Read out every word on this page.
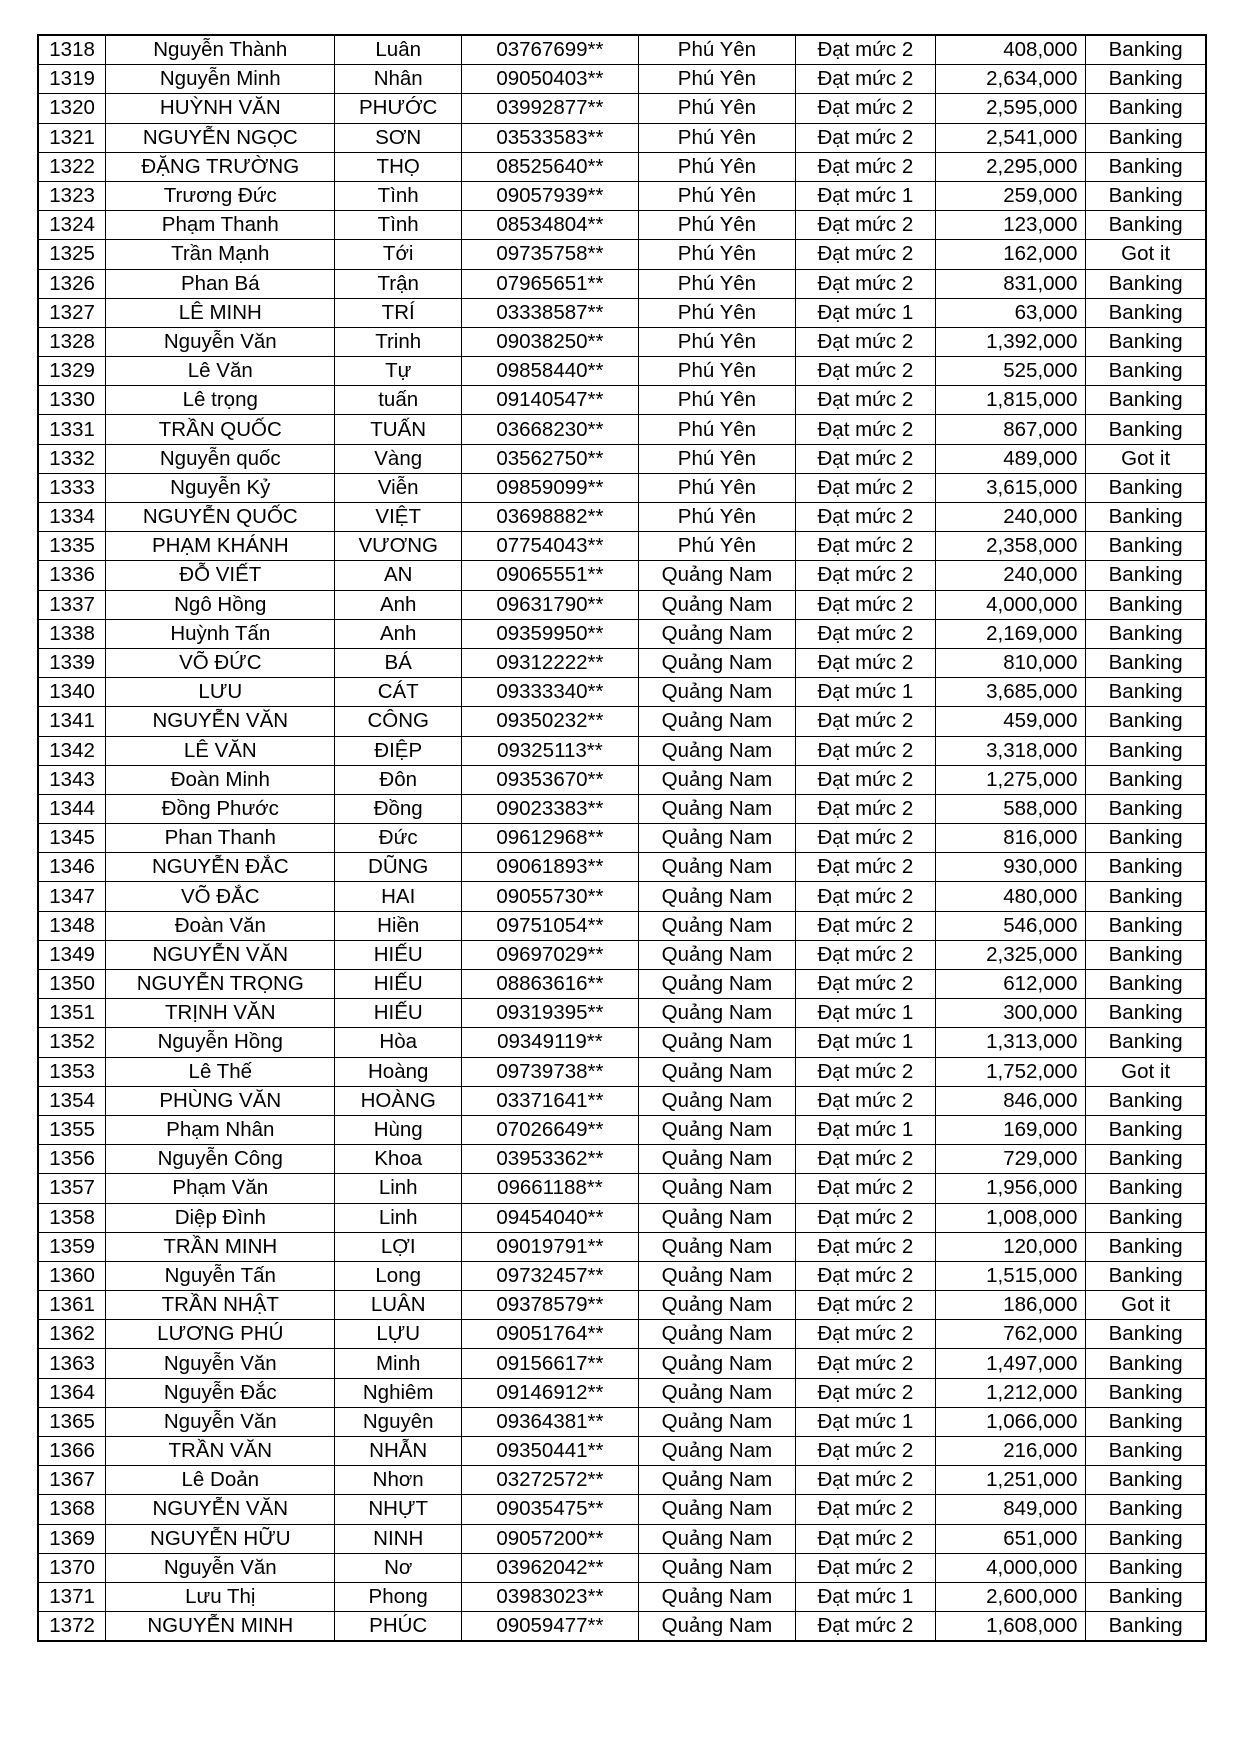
1318	Nguyễn Thành	Luân	03767699**	Phú Yên	Đạt mức 2	408,000	Banking
1319	Nguyễn Minh	Nhân	09050403**	Phú Yên	Đạt mức 2	2,634,000	Banking
1320	HUỲNH VĂN	PHƯỚC	03992877**	Phú Yên	Đạt mức 2	2,595,000	Banking
1321	NGUYỄN NGỌC	SƠN	03533583**	Phú Yên	Đạt mức 2	2,541,000	Banking
1322	ĐẶNG TRƯỜNG	THỌ	08525640**	Phú Yên	Đạt mức 2	2,295,000	Banking
1323	Trương Đức	Tình	09057939**	Phú Yên	Đạt mức 1	259,000	Banking
1324	Phạm Thanh	Tình	08534804**	Phú Yên	Đạt mức 2	123,000	Banking
1325	Trần Mạnh	Tới	09735758**	Phú Yên	Đạt mức 2	162,000	Got it
1326	Phan Bá	Trận	07965651**	Phú Yên	Đạt mức 2	831,000	Banking
1327	LÊ MINH	TRÍ	03338587**	Phú Yên	Đạt mức 1	63,000	Banking
1328	Nguyễn Văn	Trinh	09038250**	Phú Yên	Đạt mức 2	1,392,000	Banking
1329	Lê Văn	Tự	09858440**	Phú Yên	Đạt mức 2	525,000	Banking
1330	Lê trọng	tuấn	09140547**	Phú Yên	Đạt mức 2	1,815,000	Banking
1331	TRẦN QUỐC	TUẤN	03668230**	Phú Yên	Đạt mức 2	867,000	Banking
1332	Nguyễn quốc	Vàng	03562750**	Phú Yên	Đạt mức 2	489,000	Got it
1333	Nguyễn Kỷ	Viễn	09859099**	Phú Yên	Đạt mức 2	3,615,000	Banking
1334	NGUYỄN QUỐC	VIỆT	03698882**	Phú Yên	Đạt mức 2	240,000	Banking
1335	PHẠM KHÁNH	VƯƠNG	07754043**	Phú Yên	Đạt mức 2	2,358,000	Banking
1336	ĐỖ VIẾT	AN	09065551**	Quảng Nam	Đạt mức 2	240,000	Banking
1337	Ngô Hồng	Anh	09631790**	Quảng Nam	Đạt mức 2	4,000,000	Banking
1338	Huỳnh Tấn	Anh	09359950**	Quảng Nam	Đạt mức 2	2,169,000	Banking
1339	VÕ ĐỨC	BÁ	09312222**	Quảng Nam	Đạt mức 2	810,000	Banking
1340	LƯU	CÁT	09333340**	Quảng Nam	Đạt mức 1	3,685,000	Banking
1341	NGUYỄN VĂN	CÔNG	09350232**	Quảng Nam	Đạt mức 2	459,000	Banking
1342	LÊ VĂN	ĐIỆP	09325113**	Quảng Nam	Đạt mức 2	3,318,000	Banking
1343	Đoàn Minh	Đôn	09353670**	Quảng Nam	Đạt mức 2	1,275,000	Banking
1344	Đồng Phước	Đồng	09023383**	Quảng Nam	Đạt mức 2	588,000	Banking
1345	Phan Thanh	Đức	09612968**	Quảng Nam	Đạt mức 2	816,000	Banking
1346	NGUYỄN ĐẮC	DŨNG	09061893**	Quảng Nam	Đạt mức 2	930,000	Banking
1347	VÕ ĐẮC	HAI	09055730**	Quảng Nam	Đạt mức 2	480,000	Banking
1348	Đoàn Văn	Hiền	09751054**	Quảng Nam	Đạt mức 2	546,000	Banking
1349	NGUYỄN VĂN	HIẾU	09697029**	Quảng Nam	Đạt mức 2	2,325,000	Banking
1350	NGUYỄN TRỌNG	HIẾU	08863616**	Quảng Nam	Đạt mức 2	612,000	Banking
1351	TRỊNH VĂN	HIẾU	09319395**	Quảng Nam	Đạt mức 1	300,000	Banking
1352	Nguyễn Hồng	Hòa	09349119**	Quảng Nam	Đạt mức 1	1,313,000	Banking
1353	Lê Thế	Hoàng	09739738**	Quảng Nam	Đạt mức 2	1,752,000	Got it
1354	PHÙNG VĂN	HOÀNG	03371641**	Quảng Nam	Đạt mức 2	846,000	Banking
1355	Phạm Nhân	Hùng	07026649**	Quảng Nam	Đạt mức 1	169,000	Banking
1356	Nguyễn Công	Khoa	03953362**	Quảng Nam	Đạt mức 2	729,000	Banking
1357	Phạm Văn	Linh	09661188**	Quảng Nam	Đạt mức 2	1,956,000	Banking
1358	Diệp Đình	Linh	09454040**	Quảng Nam	Đạt mức 2	1,008,000	Banking
1359	TRẦN MINH	LỢI	09019791**	Quảng Nam	Đạt mức 2	120,000	Banking
1360	Nguyễn Tấn	Long	09732457**	Quảng Nam	Đạt mức 2	1,515,000	Banking
1361	TRẦN NHẬT	LUÂN	09378579**	Quảng Nam	Đạt mức 2	186,000	Got it
1362	LƯƠNG PHÚ	LỰU	09051764**	Quảng Nam	Đạt mức 2	762,000	Banking
1363	Nguyễn Văn	Minh	09156617**	Quảng Nam	Đạt mức 2	1,497,000	Banking
1364	Nguyễn Đắc	Nghiêm	09146912**	Quảng Nam	Đạt mức 2	1,212,000	Banking
1365	Nguyễn Văn	Nguyên	09364381**	Quảng Nam	Đạt mức 1	1,066,000	Banking
1366	TRẦN VĂN	NHẪN	09350441**	Quảng Nam	Đạt mức 2	216,000	Banking
1367	Lê Doản	Nhơn	03272572**	Quảng Nam	Đạt mức 2	1,251,000	Banking
1368	NGUYỄN VĂN	NHỰT	09035475**	Quảng Nam	Đạt mức 2	849,000	Banking
1369	NGUYỄN HỮU	NINH	09057200**	Quảng Nam	Đạt mức 2	651,000	Banking
1370	Nguyễn Văn	Nơ	03962042**	Quảng Nam	Đạt mức 2	4,000,000	Banking
1371	Lưu Thị	Phong	03983023**	Quảng Nam	Đạt mức 1	2,600,000	Banking
1372	NGUYỄN MINH	PHÚC	09059477**	Quảng Nam	Đạt mức 2	1,608,000	Banking
